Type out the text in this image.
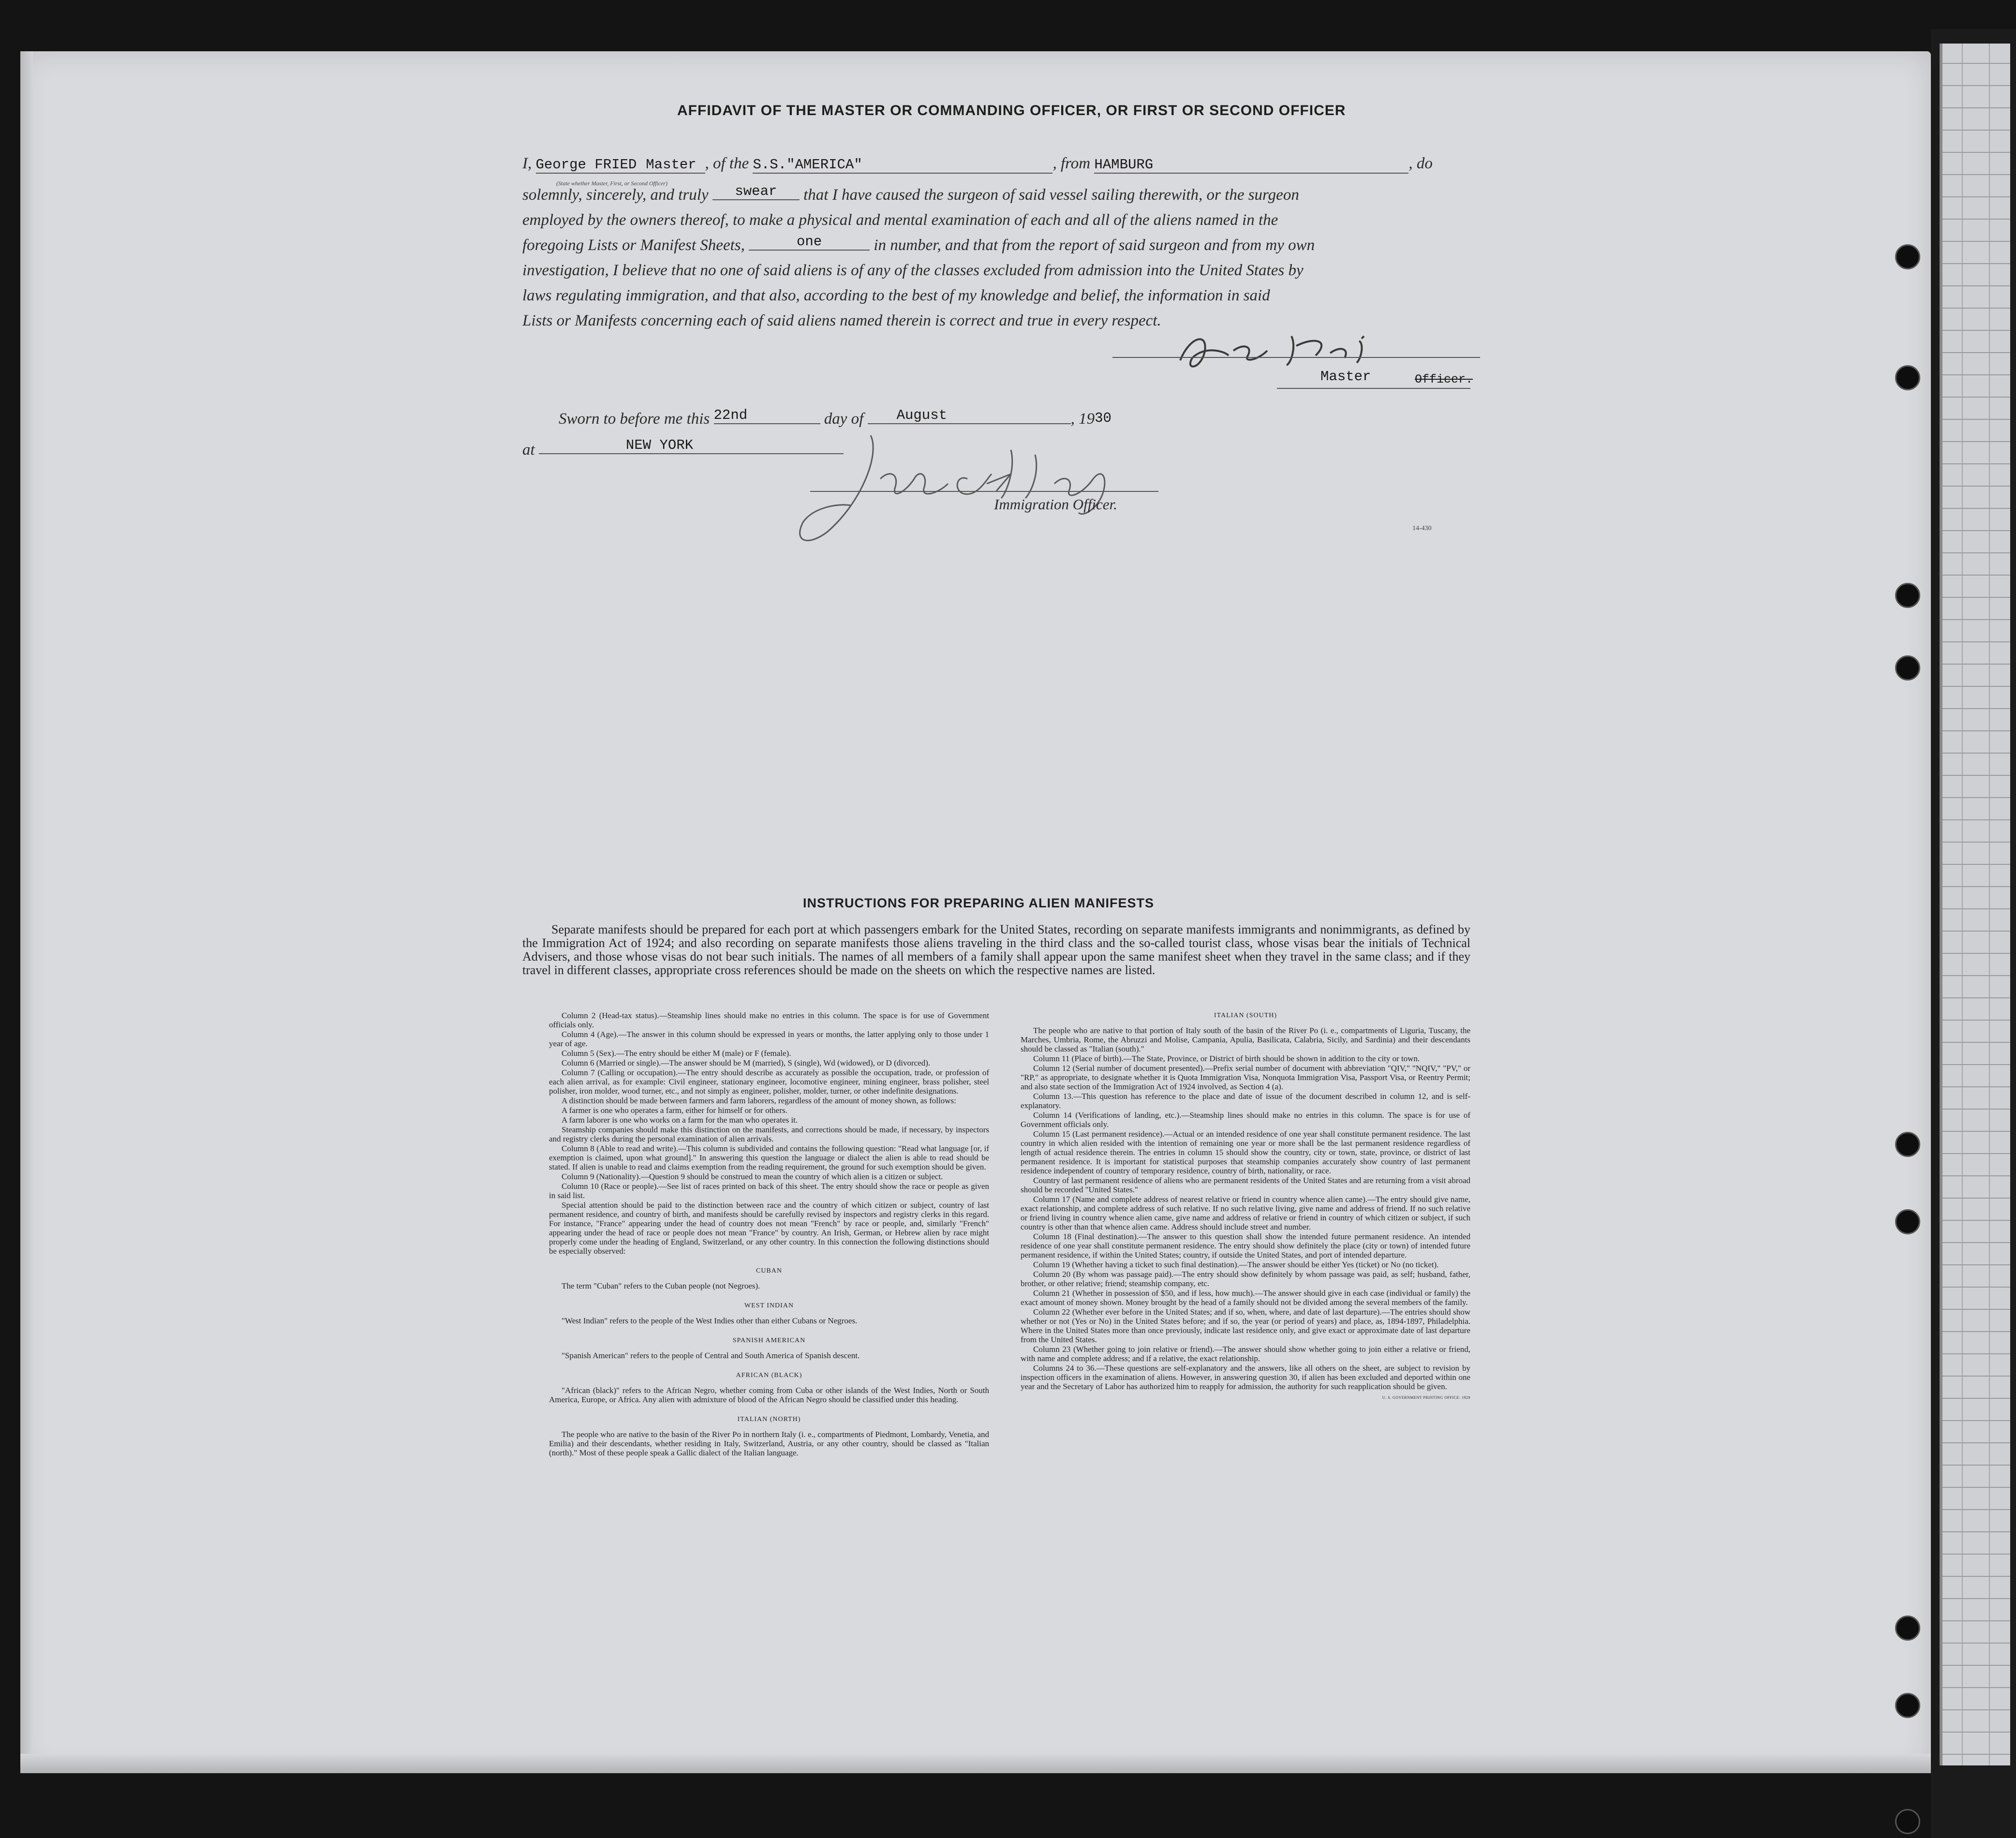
AFFIDAVIT OF THE MASTER OR COMMANDING OFFICER, OR FIRST OR SECOND OFFICER
I, George FRIED Master , of the S.S."AMERICA"	, from HAMBURG	, do
(State whether Master, First, or Second Officer)
solemnly, sincerely, and truly swear that I have caused the surgeon of said vessel sailing therewith, or the surgeon
employed by the owners thereof, to make a physical and mental examination of each and all of the aliens named in the
foregoing Lists or Manifest Sheets,	one	in number, and that from the report of said surgeon and from my own
investigation, I believe that no one of said aliens is of any of the classes excluded from admission into the United States by
laws regulating immigration, and that also, according to the best of my knowledge and belief, the information in said
Lists or Manifests concerning each of said aliens named therein is correct and true in every respect.
Master	Officer.
Sworn to before me this 22nd	day of August	, 1930
at	NEW YORK
Immigration Officer.
14-430
INSTRUCTIONS FOR PREPARING ALIEN MANIFESTS
Separate manifests should be prepared for each port at which passengers embark for the United States, recording on separate manifests immigrants and nonimmigrants, as defined by the Immigration Act of 1924; and also recording on separate manifests those aliens traveling in the third class and the so-called tourist class, whose visas bear the initials of Technical Advisers, and those whose visas do not bear such initials. The names of all members of a family shall appear upon the same manifest sheet when they travel in the same class; and if they travel in different classes, appropriate cross references should be made on the sheets on which the respective names are listed.

Column 2 (Head-tax status).—Steamship lines should make no entries in this column. The space is for use of Government officials only.

Column 4 (Age).—The answer in this column should be expressed in years or months, the latter applying only to those under 1 year of age.

Column 5 (Sex).—The entry should be either M (male) or F (female).

Column 6 (Married or single).—The answer should be M (married), S (single), Wd (widowed), or D (divorced).

Column 7 (Calling or occupation).—The entry should describe as accurately as possible the occupation, trade, or profession of each alien arrival, as for example: Civil engineer, stationary engineer, locomotive engineer, mining engineer, brass polisher, steel polisher, iron molder, wood turner, etc., and not simply as engineer, polisher, molder, turner, or other indefinite designations.

A distinction should be made between farmers and farm laborers, regardless of the amount of money shown, as follows:

A farmer is one who operates a farm, either for himself or for others.

A farm laborer is one who works on a farm for the man who operates it.

Steamship companies should make this distinction on the manifests, and corrections should be made, if necessary, by inspectors and registry clerks during the personal examination of alien arrivals.

Column 8 (Able to read and write).—This column is subdivided and contains the following question: "Read what language [or, if exemption is claimed, upon what ground]." In answering this question the language or dialect the alien is able to read should be stated. If alien is unable to read and claims exemption from the reading requirement, the ground for such exemption should be given.

Column 9 (Nationality).—Question 9 should be construed to mean the country of which alien is a citizen or subject.

Column 10 (Race or people).—See list of races printed on back of this sheet. The entry should show the race or people as given in said list.

Special attention should be paid to the distinction between race and the country of which citizen or subject, country of last permanent residence, and country of birth, and manifests should be carefully revised by inspectors and registry clerks in this regard. For instance, "France" appearing under the head of country does not mean "French" by race or people, and, similarly "French" appearing under the head of race or people does not mean "France" by country. An Irish, German, or Hebrew alien by race might properly come under the heading of England, Switzerland, or any other country. In this connection the following distinctions should be especially observed:

CUBAN

The term "Cuban" refers to the Cuban people (not Negroes).

WEST INDIAN

"West Indian" refers to the people of the West Indies other than either Cubans or Negroes.

SPANISH AMERICAN

"Spanish American" refers to the people of Central and South America of Spanish descent.

AFRICAN (BLACK)

"African (black)" refers to the African Negro, whether coming from Cuba or other islands of the West Indies, North or South America, Europe, or Africa. Any alien with admixture of blood of the African Negro should be classified under this heading.

ITALIAN (NORTH)

The people who are native to the basin of the River Po in northern Italy (i. e., compartments of Piedmont, Lombardy, Venetia, and Emilia) and their descendants, whether residing in Italy, Switzerland, Austria, or any other country, should be classed as "Italian (north)." Most of these people speak a Gallic dialect of the Italian language.

ITALIAN (SOUTH)

The people who are native to that portion of Italy south of the basin of the River Po (i. e., compartments of Liguria, Tuscany, the Marches, Umbria, Rome, the Abruzzi and Molise, Campania, Apulia, Basilicata, Calabria, Sicily, and Sardinia) and their descendants should be classed as "Italian (south)."

Column 11 (Place of birth).—The State, Province, or District of birth should be shown in addition to the city or town.

Column 12 (Serial number of document presented).—Prefix serial number of document with abbreviation "QIV," "NQIV," "PV," or "RP," as appropriate, to designate whether it is Quota Immigration Visa, Nonquota Immigration Visa, Passport Visa, or Reentry Permit; and also state section of the Immigration Act of 1924 involved, as Section 4 (a).

Column 13.—This question has reference to the place and date of issue of the document described in column 12, and is self-explanatory.

Column 14 (Verifications of landing, etc.).—Steamship lines should make no entries in this column. The space is for use of Government officials only.

Column 15 (Last permanent residence).—Actual or an intended residence of one year shall constitute permanent residence. The last country in which alien resided with the intention of remaining one year or more shall be the last permanent residence regardless of length of actual residence therein. The entries in column 15 should show the country, city or town, state, province, or district of last permanent residence. It is important for statistical purposes that steamship companies accurately show country of last permanent residence independent of country of temporary residence, country of birth, nationality, or race.

Country of last permanent residence of aliens who are permanent residents of the United States and are returning from a visit abroad should be recorded "United States."

Column 17 (Name and complete address of nearest relative or friend in country whence alien came).—The entry should give name, exact relationship, and complete address of such relative. If no such relative living, give name and address of friend. If no such relative or friend living in country whence alien came, give name and address of relative or friend in country of which citizen or subject, if such country is other than that whence alien came. Address should include street and number.

Column 18 (Final destination).—The answer to this question shall show the intended future permanent residence. An intended residence of one year shall constitute permanent residence. The entry should show definitely the place (city or town) of intended future permanent residence, if within the United States; country, if outside the United States, and port of intended departure.

Column 19 (Whether having a ticket to such final destination).—The answer should be either Yes (ticket) or No (no ticket).

Column 20 (By whom was passage paid).—The entry should show definitely by whom passage was paid, as self; husband, father, brother, or other relative; friend; steamship company, etc.

Column 21 (Whether in possession of $50, and if less, how much).—The answer should give in each case (individual or family) the exact amount of money shown. Money brought by the head of a family should not be divided among the several members of the family.

Column 22 (Whether ever before in the United States; and if so, when, where, and date of last departure).—The entries should show whether or not (Yes or No) in the United States before; and if so, the year (or period of years) and place, as, 1894-1897, Philadelphia. Where in the United States more than once previously, indicate last residence only, and give exact or approximate date of last departure from the United States.

Column 23 (Whether going to join relative or friend).—The answer should show whether going to join either a relative or friend, with name and complete address; and if a relative, the exact relationship.

Columns 24 to 36.—These questions are self-explanatory and the answers, like all others on the sheet, are subject to revision by inspection officers in the examination of aliens. However, in answering question 30, if alien has been excluded and deported within one year and the Secretary of Labor has authorized him to reapply for admission, the authority for such reapplication should be given.

U. S. GOVERNMENT PRINTING OFFICE: 1929
